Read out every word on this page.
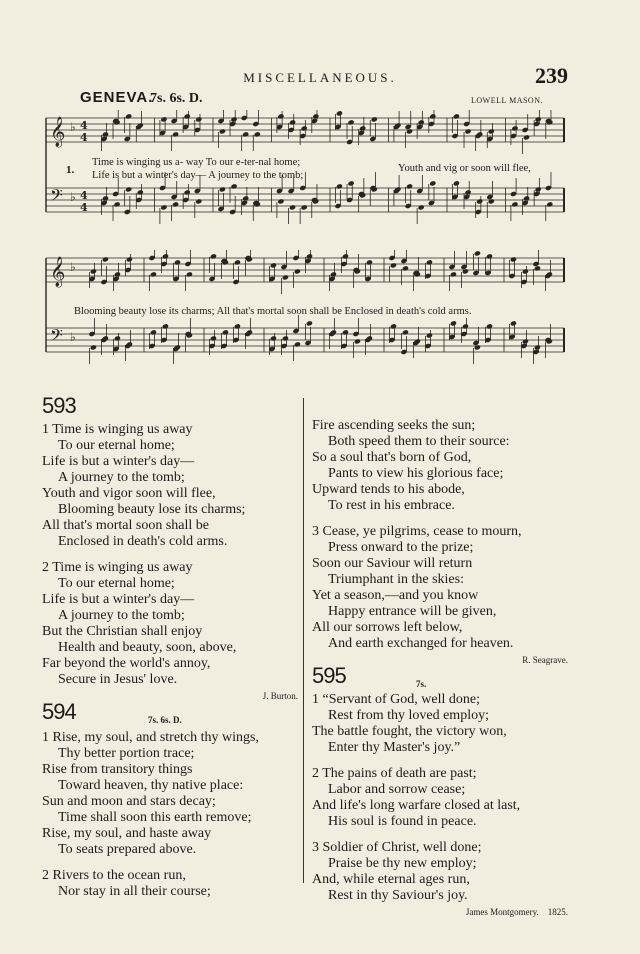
MISCELLANEOUS.	239
GENEVA.
7s. 6s. D.	LOWELL MASON.
𝄞 ♭ 4
4
𝄢 ♭ 4
4
1.
Time is winging us a- way To our e-ter-nal home;
Life is but a winter's day— A journey to the tomb;
Youth and vig or soon will flee,
𝄞 ♭
𝄢 ♭
Blooming beauty lose its charms; All that's mortal soon shall be Enclosed in death's cold arms.
593
1 Time is winging us away
To our eternal home;
Life is but a winter's day—
A journey to the tomb;
Youth and vigor soon will flee,
Blooming beauty lose its charms;
All that's mortal soon shall be
Enclosed in death's cold arms.
2 Time is winging us away
To our eternal home;
Life is but a winter's day—
A journey to the tomb;
But the Christian shall enjoy
Health and beauty, soon, above,
Far beyond the world's annoy,
Secure in Jesus' love.
J. Burton.
594	7s. 6s. D.
1 Rise, my soul, and stretch thy wings,
Thy better portion trace;
Rise from transitory things
Toward heaven, thy native place:
Sun and moon and stars decay;
Time shall soon this earth remove;
Rise, my soul, and haste away
To seats prepared above.
2 Rivers to the ocean run,
Nor stay in all their course;
Fire ascending seeks the sun;
Both speed them to their source:
So a soul that's born of God,
Pants to view his glorious face;
Upward tends to his abode,
To rest in his embrace.
3 Cease, ye pilgrims, cease to mourn,
Press onward to the prize;
Soon our Saviour will return
Triumphant in the skies:
Yet a season,—and you know
Happy entrance will be given,
All our sorrows left below,
And earth exchanged for heaven.
R. Seagrave.
595	7s.
1 “Servant of God, well done;
Rest from thy loved employ;
The battle fought, the victory won,
Enter thy Master's joy.”
2 The pains of death are past;
Labor and sorrow cease;
And life's long warfare closed at last,
His soul is found in peace.
3 Soldier of Christ, well done;
Praise be thy new employ;
And, while eternal ages run,
Rest in thy Saviour's joy.
James Montgomery. 1825.
